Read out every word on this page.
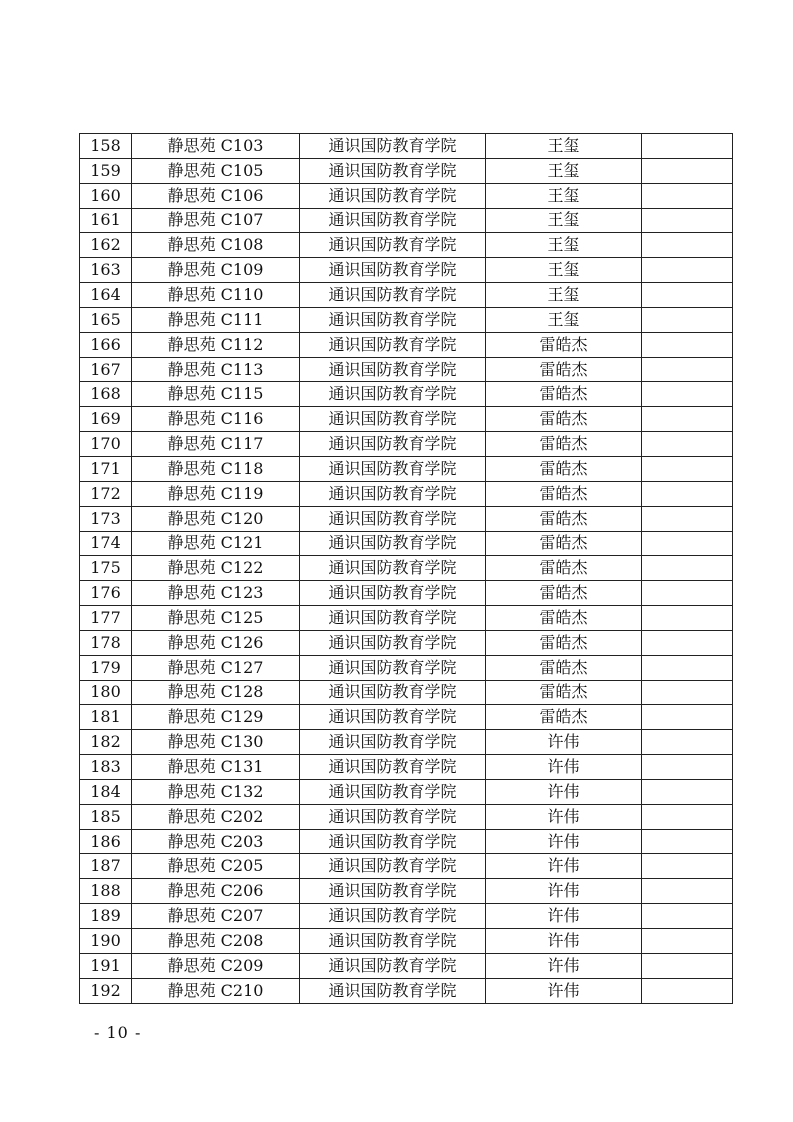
158	静思苑 C103	通识国防教育学院	王玺	
159	静思苑 C105	通识国防教育学院	王玺	
160	静思苑 C106	通识国防教育学院	王玺	
161	静思苑 C107	通识国防教育学院	王玺	
162	静思苑 C108	通识国防教育学院	王玺	
163	静思苑 C109	通识国防教育学院	王玺	
164	静思苑 C110	通识国防教育学院	王玺	
165	静思苑 C111	通识国防教育学院	王玺	
166	静思苑 C112	通识国防教育学院	雷皓杰	
167	静思苑 C113	通识国防教育学院	雷皓杰	
168	静思苑 C115	通识国防教育学院	雷皓杰	
169	静思苑 C116	通识国防教育学院	雷皓杰	
170	静思苑 C117	通识国防教育学院	雷皓杰	
171	静思苑 C118	通识国防教育学院	雷皓杰	
172	静思苑 C119	通识国防教育学院	雷皓杰	
173	静思苑 C120	通识国防教育学院	雷皓杰	
174	静思苑 C121	通识国防教育学院	雷皓杰	
175	静思苑 C122	通识国防教育学院	雷皓杰	
176	静思苑 C123	通识国防教育学院	雷皓杰	
177	静思苑 C125	通识国防教育学院	雷皓杰	
178	静思苑 C126	通识国防教育学院	雷皓杰	
179	静思苑 C127	通识国防教育学院	雷皓杰	
180	静思苑 C128	通识国防教育学院	雷皓杰	
181	静思苑 C129	通识国防教育学院	雷皓杰	
182	静思苑 C130	通识国防教育学院	许伟	
183	静思苑 C131	通识国防教育学院	许伟	
184	静思苑 C132	通识国防教育学院	许伟	
185	静思苑 C202	通识国防教育学院	许伟	
186	静思苑 C203	通识国防教育学院	许伟	
187	静思苑 C205	通识国防教育学院	许伟	
188	静思苑 C206	通识国防教育学院	许伟	
189	静思苑 C207	通识国防教育学院	许伟	
190	静思苑 C208	通识国防教育学院	许伟	
191	静思苑 C209	通识国防教育学院	许伟	
192	静思苑 C210	通识国防教育学院	许伟	
- 10 -
